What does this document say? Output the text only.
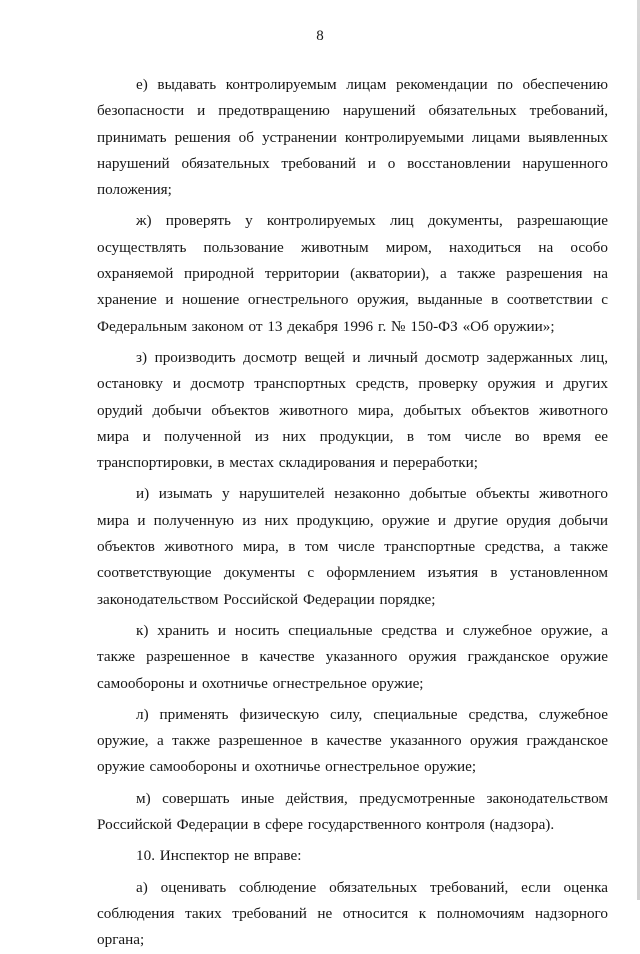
8

е) выдавать контролируемым лицам рекомендации по обеспечению безопасности и предотвращению нарушений обязательных требований, принимать решения об устранении контролируемыми лицами выявленных нарушений обязательных требований и о восстановлении нарушенного положения;

ж) проверять у контролируемых лиц документы, разрешающие осуществлять пользование животным миром, находиться на особо охраняемой природной территории (акватории), а также разрешения на хранение и ношение огнестрельного оружия, выданные в соответствии с Федеральным законом от 13 декабря 1996 г. № 150-ФЗ «Об оружии»;

з) производить досмотр вещей и личный досмотр задержанных лиц, остановку и досмотр транспортных средств, проверку оружия и других орудий добычи объектов животного мира, добытых объектов животного мира и полученной из них продукции, в том числе во время ее транспортировки, в местах складирования и переработки;

и) изымать у нарушителей незаконно добытые объекты животного мира и полученную из них продукцию, оружие и другие орудия добычи объектов животного мира, в том числе транспортные средства, а также соответствующие документы с оформлением изъятия в установленном законодательством Российской Федерации порядке;

к) хранить и носить специальные средства и служебное оружие, а также разрешенное в качестве указанного оружия гражданское оружие самообороны и охотничье огнестрельное оружие;

л) применять физическую силу, специальные средства, служебное оружие, а также разрешенное в качестве указанного оружия гражданское оружие самообороны и охотничье огнестрельное оружие;

м) совершать иные действия, предусмотренные законодательством Российской Федерации в сфере государственного контроля (надзора).

10. Инспектор не вправе:

а) оценивать соблюдение обязательных требований, если оценка соблюдения таких требований не относится к полномочиям надзорного органа;
